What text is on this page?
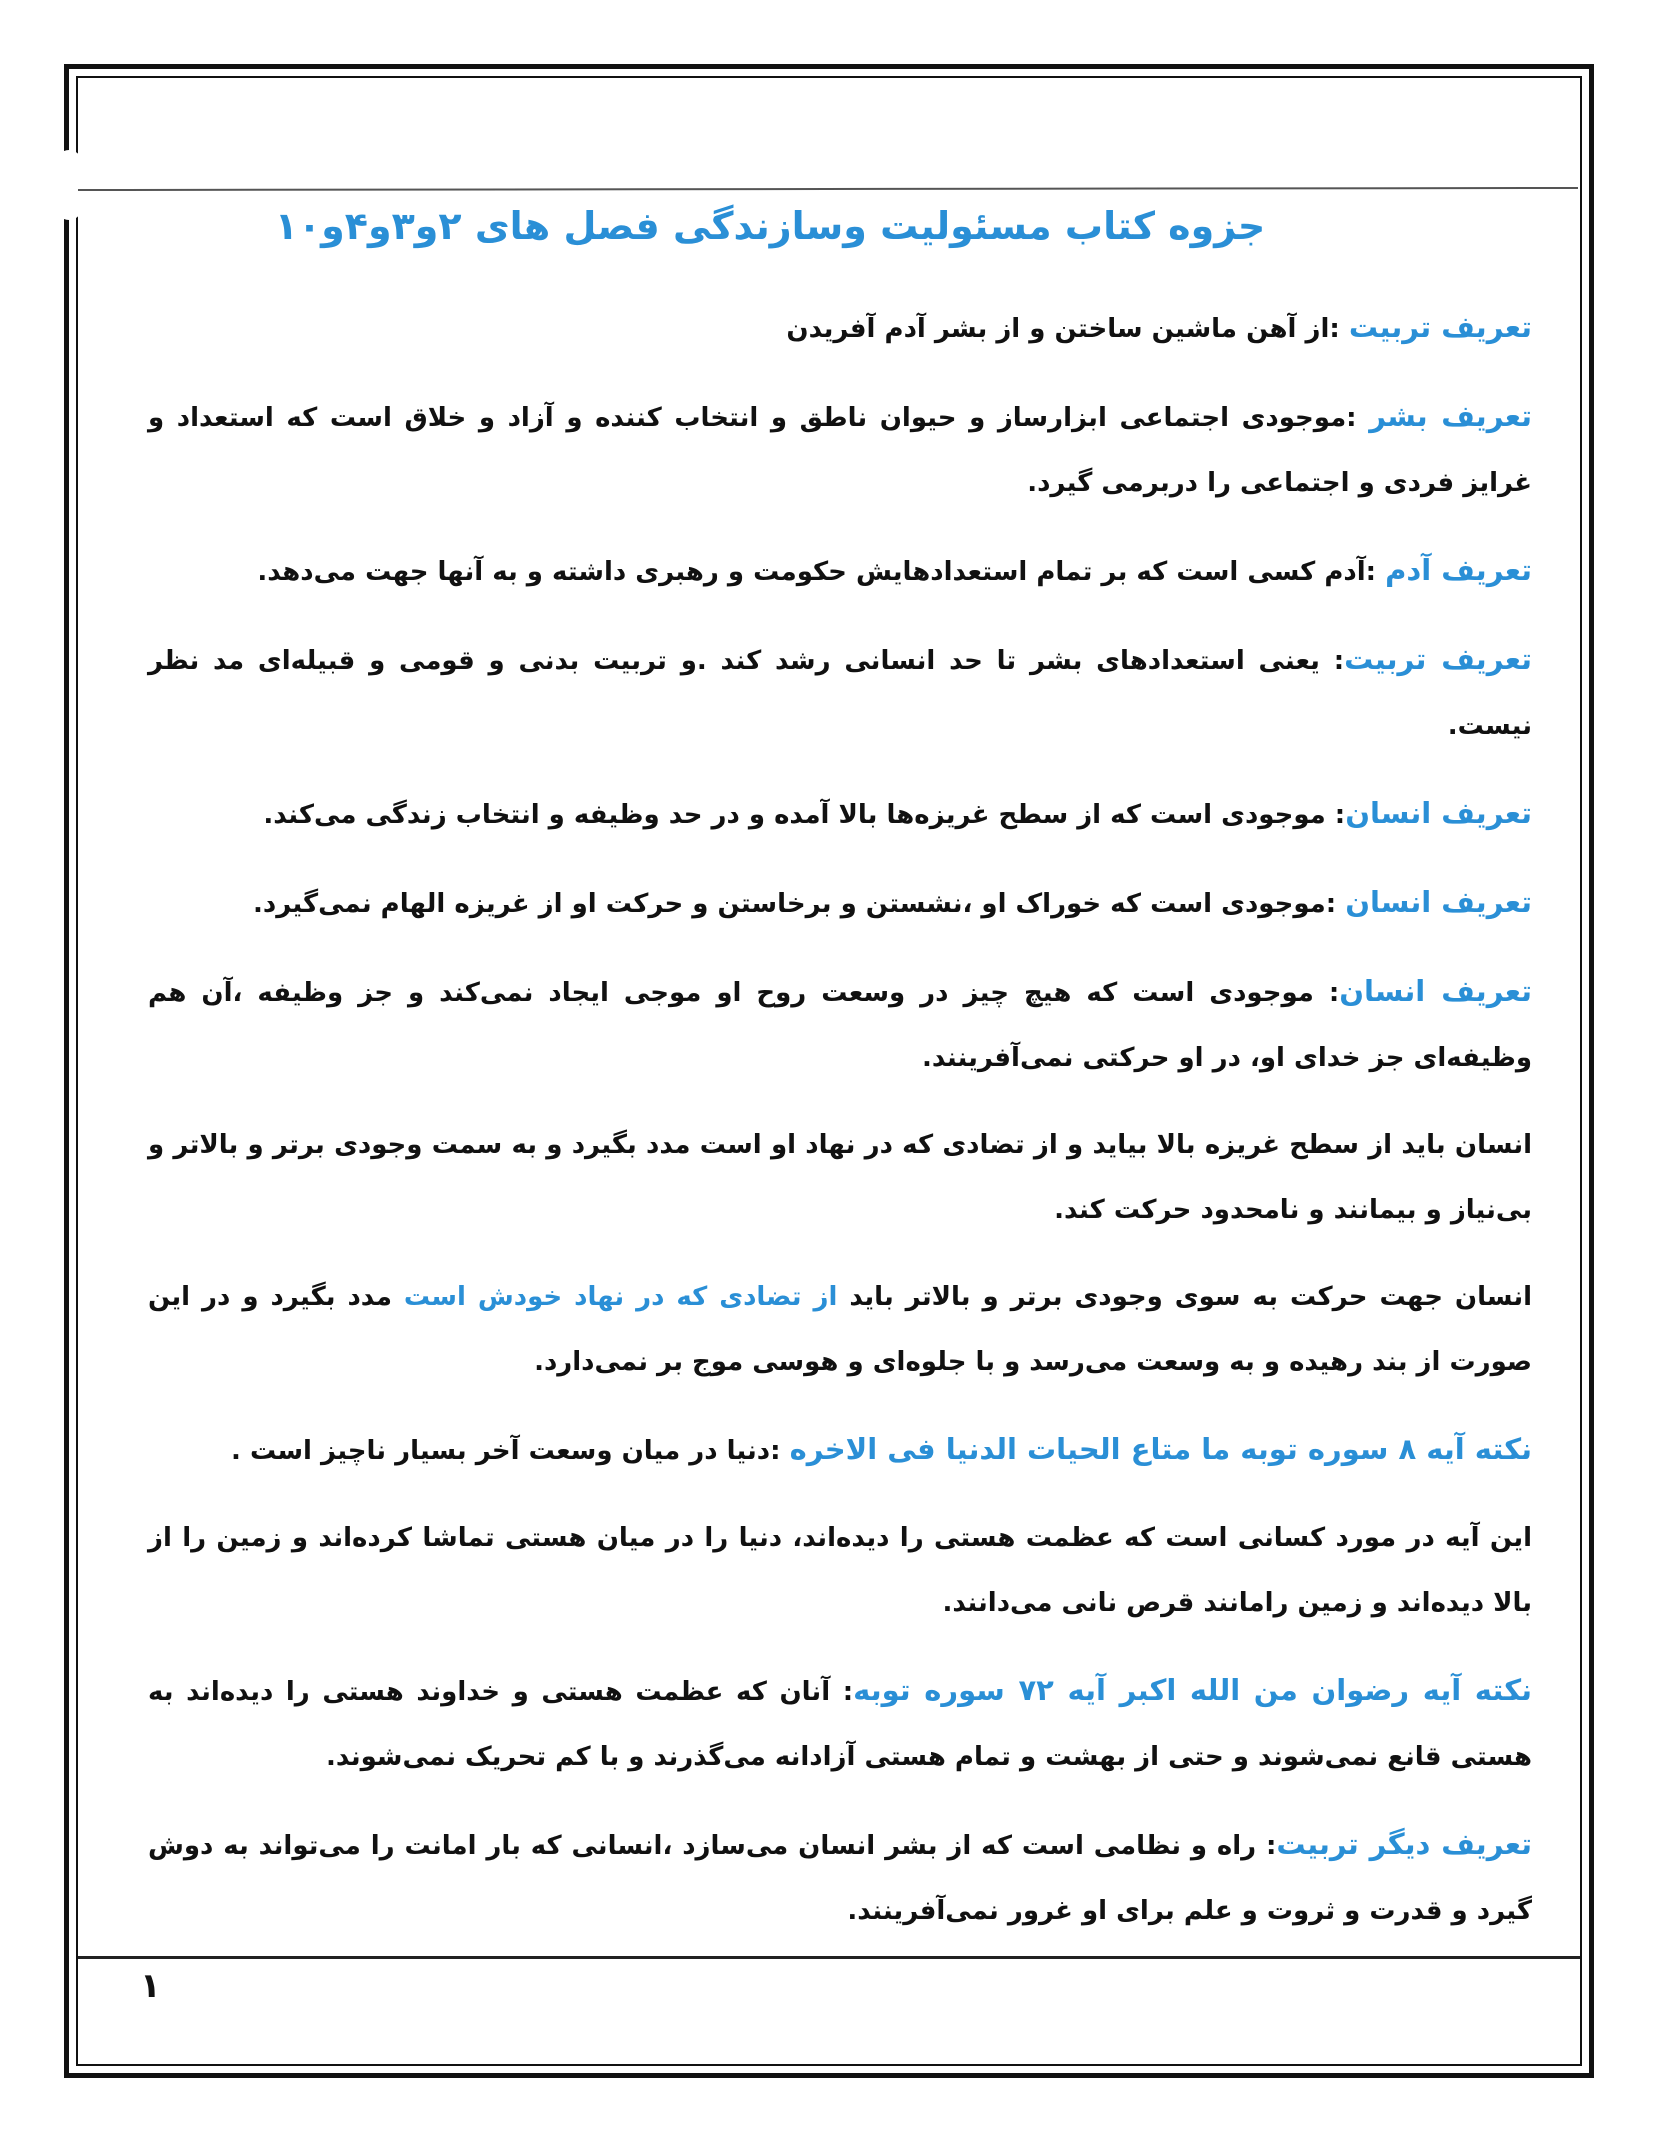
جزوه کتاب مسئولیت وسازندگی فصل های ۲و۳و۴و۱۰

تعریف تربیت :از آهن ماشین ساختن و از بشر آدم آفریدن

تعریف بشر :موجودی اجتماعی ابزارساز و حیوان ناطق و انتخاب کننده و آزاد و خلاق است که استعداد و غرایز فردی و اجتماعی را دربرمی گیرد.

تعریف آدم :آدم کسی است که بر تمام استعدادهایش حکومت و رهبری داشته و به آنها جهت می‌دهد.

تعریف تربیت: یعنی استعدادهای بشر تا حد انسانی رشد کند .و تربیت بدنی و قومی و قبیله‌ای مد نظر نیست.

تعریف انسان: موجودی است که از سطح غریزه‌ها بالا آمده و در حد وظیفه و انتخاب زندگی می‌کند.

تعریف انسان :موجودی است که خوراک او ،نشستن و برخاستن و حرکت او از غریزه الهام نمی‌گیرد.

تعریف انسان: موجودی است که هیچ چیز در وسعت روح او موجی ایجاد نمی‌کند و جز وظیفه ،آن هم وظیفه‌ای جز خدای او، در او حرکتی نمی‌آفرینند.

انسان باید از سطح غریزه بالا بیاید و از تضادی که در نهاد او است مدد بگیرد و به سمت وجودی برتر و بالاتر و بی‌نیاز و بیمانند و نامحدود حرکت کند.

انسان جهت حرکت به سوی وجودی برتر و بالاتر باید از تضادی که در نهاد خودش است مدد بگیرد و در این صورت از بند رهیده و به وسعت می‌رسد و با جلوه‌ای و هوسی موج بر نمی‌دارد.

نکته آیه ۸ سوره توبه ما متاع الحیات الدنیا فی الاخره :دنیا در میان وسعت آخر بسیار ناچیز است .

این آیه در مورد کسانی است که عظمت هستی را دیده‌اند، دنیا را در میان هستی تماشا کرده‌اند و زمین را از بالا دیده‌اند و زمین رامانند قرص نانی می‌دانند.

نکته آیه رضوان من الله اکبر آیه ۷۲ سوره توبه: آنان که عظمت هستی و خداوند هستی را دیده‌اند به هستی قانع نمی‌شوند و حتی از بهشت و تمام هستی آزادانه می‌گذرند و با کم تحریک نمی‌شوند.

تعریف دیگر تربیت: راه و نظامی است که از بشر انسان می‌سازد ،انسانی که بار امانت را می‌تواند به دوش گیرد و قدرت و ثروت و علم برای او غرور نمی‌آفرینند.

۱
